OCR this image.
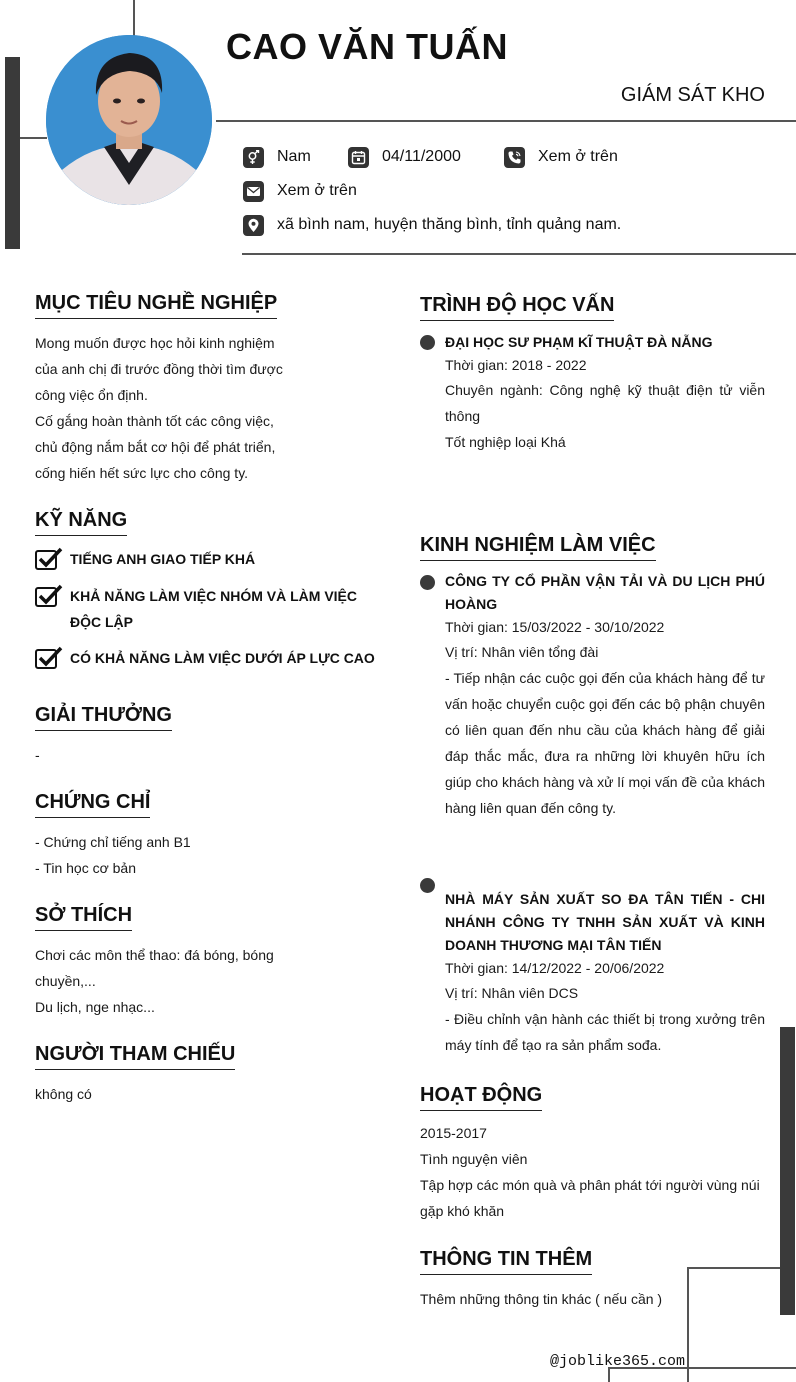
CAO VĂN TUẤN
GIÁM SÁT KHO
Nam	04/11/2000	Xem ở trên
Xem ở trên
xã bình nam, huyện thăng bình, tỉnh quảng nam.
MỤC TIÊU NGHỀ NGHIỆP
Mong muốn được học hỏi kinh nghiệm
của anh chị đi trước đồng thời tìm được
công việc ổn định.
Cố gắng hoàn thành tốt các công việc,
chủ động nắm bắt cơ hội để phát triển,
cống hiến hết sức lực cho công ty.
KỸ NĂNG
TIẾNG ANH GIAO TIẾP KHÁ
KHẢ NĂNG LÀM VIỆC NHÓM VÀ LÀM VIỆC ĐỘC LẬP
CÓ KHẢ NĂNG LÀM VIỆC DƯỚI ÁP LỰC CAO
GIẢI THƯỞNG
-
CHỨNG CHỈ
- Chứng chỉ tiếng anh B1
- Tin học cơ bản
SỞ THÍCH
Chơi các môn thể thao: đá bóng, bóng
chuyền,...
Du lịch, nge nhạc...
NGƯỜI THAM CHIẾU
không có
TRÌNH ĐỘ HỌC VẤN
ĐẠI HỌC SƯ PHẠM KĨ THUẬT ĐÀ NẴNG
Thời gian: 2018 - 2022
Chuyên ngành: Công nghệ kỹ thuật điện tử viễn thông
Tốt nghiệp loại Khá
KINH NGHIỆM LÀM VIỆC
CÔNG TY CỔ PHẦN VẬN TẢI VÀ DU LỊCH PHÚ HOÀNG
Thời gian: 15/03/2022 - 30/10/2022
Vị trí: Nhân viên tổng đài
- Tiếp nhận các cuộc gọi đến của khách hàng để tư vấn hoặc chuyển cuộc gọi đến các bộ phận chuyên có liên quan đến nhu cầu của khách hàng để giải đáp thắc mắc, đưa ra những lời khuyên hữu ích giúp cho khách hàng và xử lí mọi vấn đề của khách hàng liên quan đến công ty.
NHÀ MÁY SẢN XUẤT SO ĐA TÂN TIẾN - CHI NHÁNH CÔNG TY TNHH SẢN XUẤT VÀ KINH DOANH THƯƠNG MẠI TÂN TIẾN
Thời gian: 14/12/2022 - 20/06/2022
Vị trí: Nhân viên DCS
- Điều chỉnh vận hành các thiết bị trong xưởng trên máy tính để tạo ra sản phẩm sođa.
HOẠT ĐỘNG
2015-2017
Tình nguyện viên
Tập hợp các món quà và phân phát tới người vùng núi gặp khó khăn
THÔNG TIN THÊM
Thêm những thông tin khác ( nếu cần )
@joblike365.com
